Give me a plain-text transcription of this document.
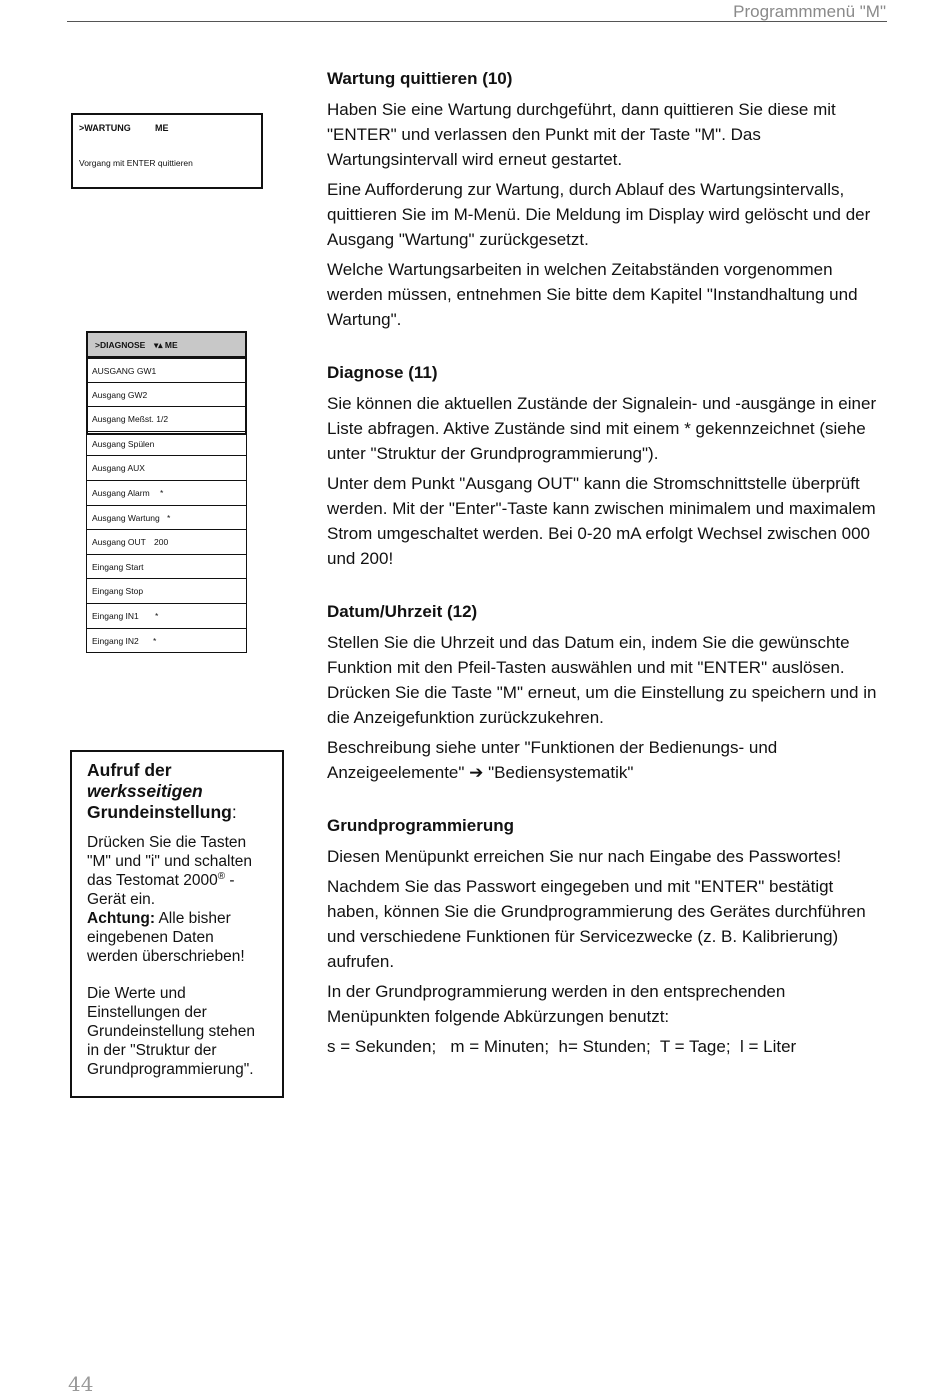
Programmmenü "M"
>WARTUNG	ME
Vorgang mit ENTER quittieren
>DIAGNOSE ▾▴ ME
AUSGANG GW1
Ausgang GW2
Ausgang Meßst. 1/2
Ausgang Spülen
Ausgang AUX
Ausgang Alarm *
Ausgang Wartung *
Ausgang OUT 200
Eingang Start
Eingang Stop
Eingang IN1 *
Eingang IN2 *
Aufruf der werksseitigen Grundeinstellung:

Drücken Sie die Tasten "M" und "i" und schalten das Testomat 2000® - Gerät ein.

Achtung: Alle bisher eingebenen Daten werden überschrieben!

Die Werte und Einstellungen der Grundeinstellung stehen in der "Struktur der Grundprogrammierung".

Wartung quittieren (10)

Haben Sie eine Wartung durchgeführt, dann quittieren Sie diese mit "ENTER" und verlassen den Punkt mit der Taste "M". Das Wartungsintervall wird erneut gestartet.

Eine Aufforderung zur Wartung, durch Ablauf des Wartungsintervalls, quittieren Sie im M-Menü. Die Meldung im Display wird gelöscht und der Ausgang "Wartung" zurückgesetzt.

Welche Wartungsarbeiten in welchen Zeitabständen vorgenommen werden müssen, entnehmen Sie bitte dem Kapitel "Instandhaltung und Wartung".

Diagnose (11)

Sie können die aktuellen Zustände der Signalein- und -ausgänge in einer Liste abfragen. Aktive Zustände sind mit einem * gekennzeichnet (siehe unter "Struktur der Grundprogrammierung").

Unter dem Punkt "Ausgang OUT" kann die Stromschnittstelle überprüft werden. Mit der "Enter"-Taste kann zwischen minimalem und maximalem Strom umgeschaltet werden. Bei 0-20 mA erfolgt Wechsel zwischen 000 und 200!

Datum/Uhrzeit (12)

Stellen Sie die Uhrzeit und das Datum ein, indem Sie die gewünschte Funktion mit den Pfeil-Tasten auswählen und mit "ENTER" auslösen. Drücken Sie die Taste "M" erneut, um die Einstellung zu speichern und in die Anzeigefunktion zurückzukehren.

Beschreibung siehe unter "Funktionen der Bedienungs- und Anzeigeelemente" ➔ "Bediensystematik"

Grundprogrammierung

Diesen Menüpunkt erreichen Sie nur nach Eingabe des Passwortes!

Nachdem Sie das Passwort eingegeben und mit "ENTER" bestätigt haben, können Sie die Grundprogrammierung des Gerätes durchführen und verschiedene Funktionen für Servicezwecke (z. B. Kalibrierung) aufrufen.

In der Grundprogrammierung werden in den entsprechenden Menüpunkten folgende Abkürzungen benutzt:

s = Sekunden;   m = Minuten;  h= Stunden;  T = Tage;  l = Liter

44
